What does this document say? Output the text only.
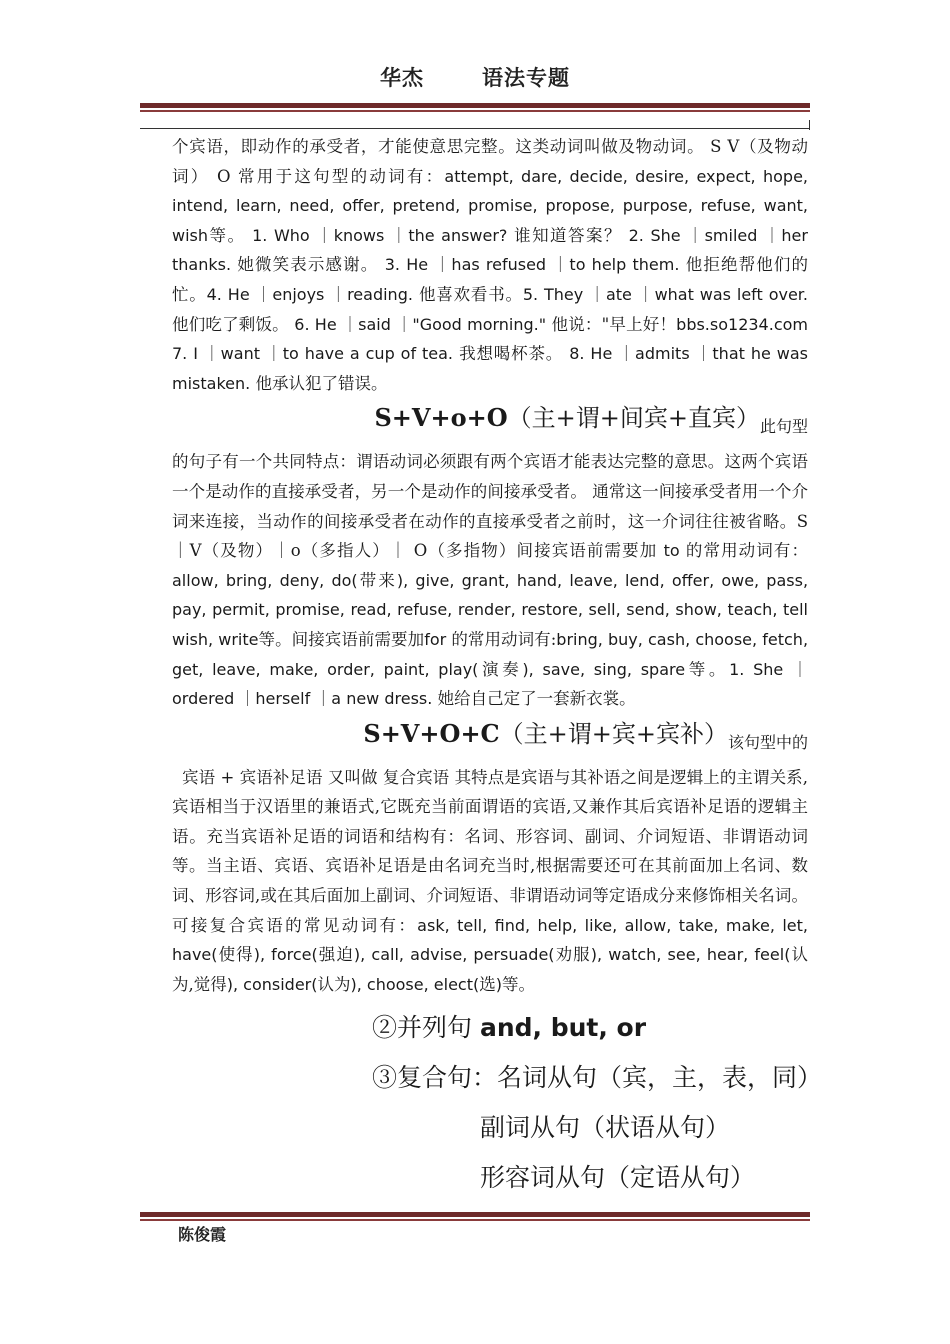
华杰	语法专题

个宾语，即动作的承受者，才能使意思完整。这类动词叫做及物动词。 S V（及物动词） O 常用于这句型的动词有：attempt, dare, decide, desire, expect, hope, intend, learn, need, offer, pretend, promise, propose, purpose, refuse, want, wish等。 1. Who ｜knows ｜the answer? 谁知道答案？ 2. She ｜smiled ｜her thanks. 她微笑表示感谢。 3. He ｜has refused ｜to help them. 他拒绝帮他们的忙。4. He ｜enjoys ｜reading. 他喜欢看书。5. They ｜ate ｜what was left over. 他们吃了剩饭。 6. He ｜said ｜"Good morning." 他说："早上好！bbs.so1234.com 7. I ｜want ｜to have a cup of tea. 我想喝杯茶。 8. He ｜admits ｜that he was mistaken. 他承认犯了错误。

S+V+o+O（主+谓+间宾+直宾）此句型

的句子有一个共同特点：谓语动词必须跟有两个宾语才能表达完整的意思。这两个宾语一个是动作的直接承受者，另一个是动作的间接承受者。 通常这一间接承受者用一个介词来连接，当动作的间接承受者在动作的直接承受者之前时，这一介词往往被省略。S ｜V（及物）｜o（多指人）｜ O（多指物）间接宾语前需要加 to 的常用动词有：allow, bring, deny, do(带来), give, grant, hand, leave, lend, offer, owe, pass, pay, permit, promise, read, refuse, render, restore, sell, send, show, teach, tell wish, write等。间接宾语前需要加for 的常用动词有:bring, buy, cash, choose, fetch, get, leave, make, order, paint, play(演奏), save, sing, spare等。1. She ｜ordered ｜herself ｜a new dress. 她给自己定了一套新衣裳。

S+V+O+C（主+谓+宾+宾补）该句型中的

宾语 + 宾语补足语 又叫做 复合宾语 其特点是宾语与其补语之间是逻辑上的主谓关系,宾语相当于汉语里的兼语式,它既充当前面谓语的宾语,又兼作其后宾语补足语的逻辑主语。充当宾语补足语的词语和结构有：名词、形容词、副词、介词短语、非谓语动词等。当主语、宾语、宾语补足语是由名词充当时,根据需要还可在其前面加上名词、数词、形容词,或在其后面加上副词、介词短语、非谓语动词等定语成分来修饰相关名词。可接复合宾语的常见动词有：ask, tell, find, help, like, allow, take, make, let, have(使得), force(强迫), call, advise, persuade(劝服), watch, see, hear, feel(认为,觉得), consider(认为), choose, elect(选)等。

②并列句 and, but, or
③复合句：名词从句（宾，主，表，同）
副词从句（状语从句）
形容词从句（定语从句）
陈俊霞
